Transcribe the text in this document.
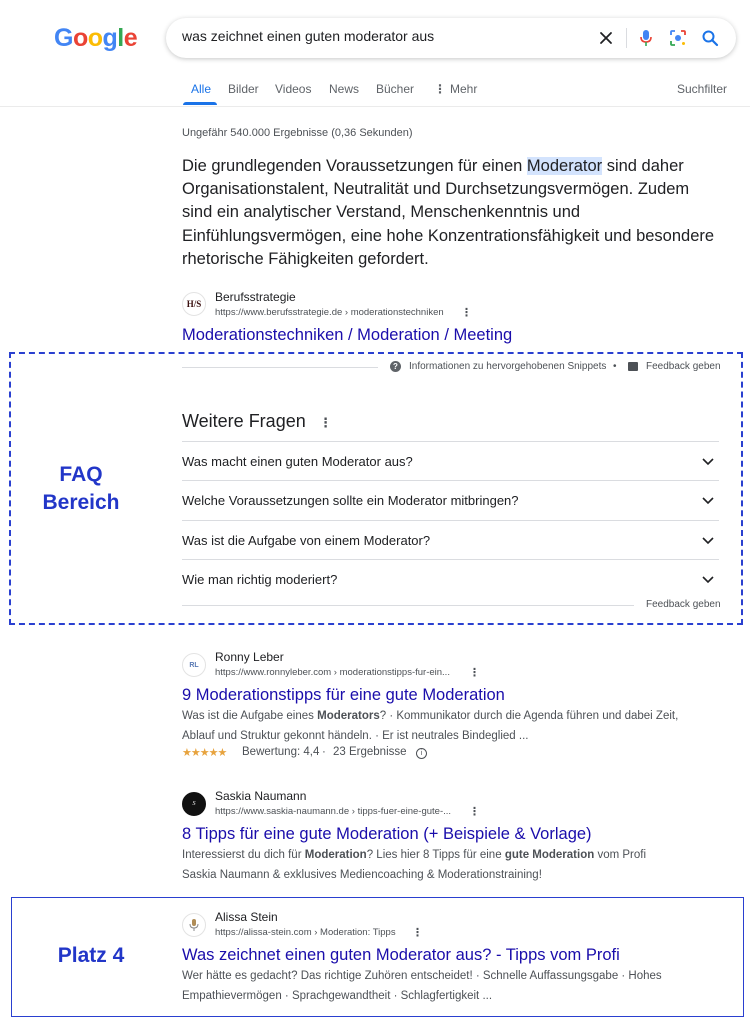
Google
was zeichnet einen guten moderator aus
Alle Bilder Videos News Bücher ⋮ Mehr	Suchfilter
Ungefähr 540.000 Ergebnisse (0,36 Sekunden)
Die grundlegenden Voraussetzungen für einen Moderator sind daher Organisationstalent, Neutralität und Durchsetzungsvermögen. Zudem sind ein analytischer Verstand, Menschenkenntnis und Einfühlungsvermögen, eine hohe Konzentrationsfähigkeit und besondere rhetorische Fähigkeiten gefordert.
H/S	Berufsstrategie
https://www.berufsstrategie.de › moderationstechniken ⋮
Moderationstechniken / Moderation / Meeting
FAQ
Bereich
?	Informationen zu hervorgehobenen Snippets •	Feedback geben
Weitere Fragen ⋮
Was macht einen guten Moderator aus?
Welche Voraussetzungen sollte ein Moderator mitbringen?
Was ist die Aufgabe von einem Moderator?
Wie man richtig moderiert?
Feedback geben
RL
Ronny Leber
https://www.ronnyleber.com › moderationstipps-fur-ein... ⋮
9 Moderationstipps für eine gute Moderation
Was ist die Aufgabe eines Moderators? · Kommunikator durch die Agenda führen und dabei Zeit, Ablauf und Struktur gekonnt händeln. · Er ist neutrales Bindeglied ...
★★★★★ Bewertung: 4,4 · 23 Ergebnisse	i
S
Saskia Naumann
https://www.saskia-naumann.de › tipps-fuer-eine-gute-... ⋮
8 Tipps für eine gute Moderation (+ Beispiele & Vorlage)
Interessierst du dich für Moderation? Lies hier 8 Tipps für eine gute Moderation vom Profi Saskia Naumann & exklusives Mediencoaching & Moderationstraining!
Platz 4
Alissa Stein
https://alissa-stein.com › Moderation: Tipps ⋮
Was zeichnet einen guten Moderator aus? - Tipps vom Profi
Wer hätte es gedacht? Das richtige Zuhören entscheidet! · Schnelle Auffassungsgabe · Hohes Empathievermögen · Sprachgewandtheit · Schlagfertigkeit ...
